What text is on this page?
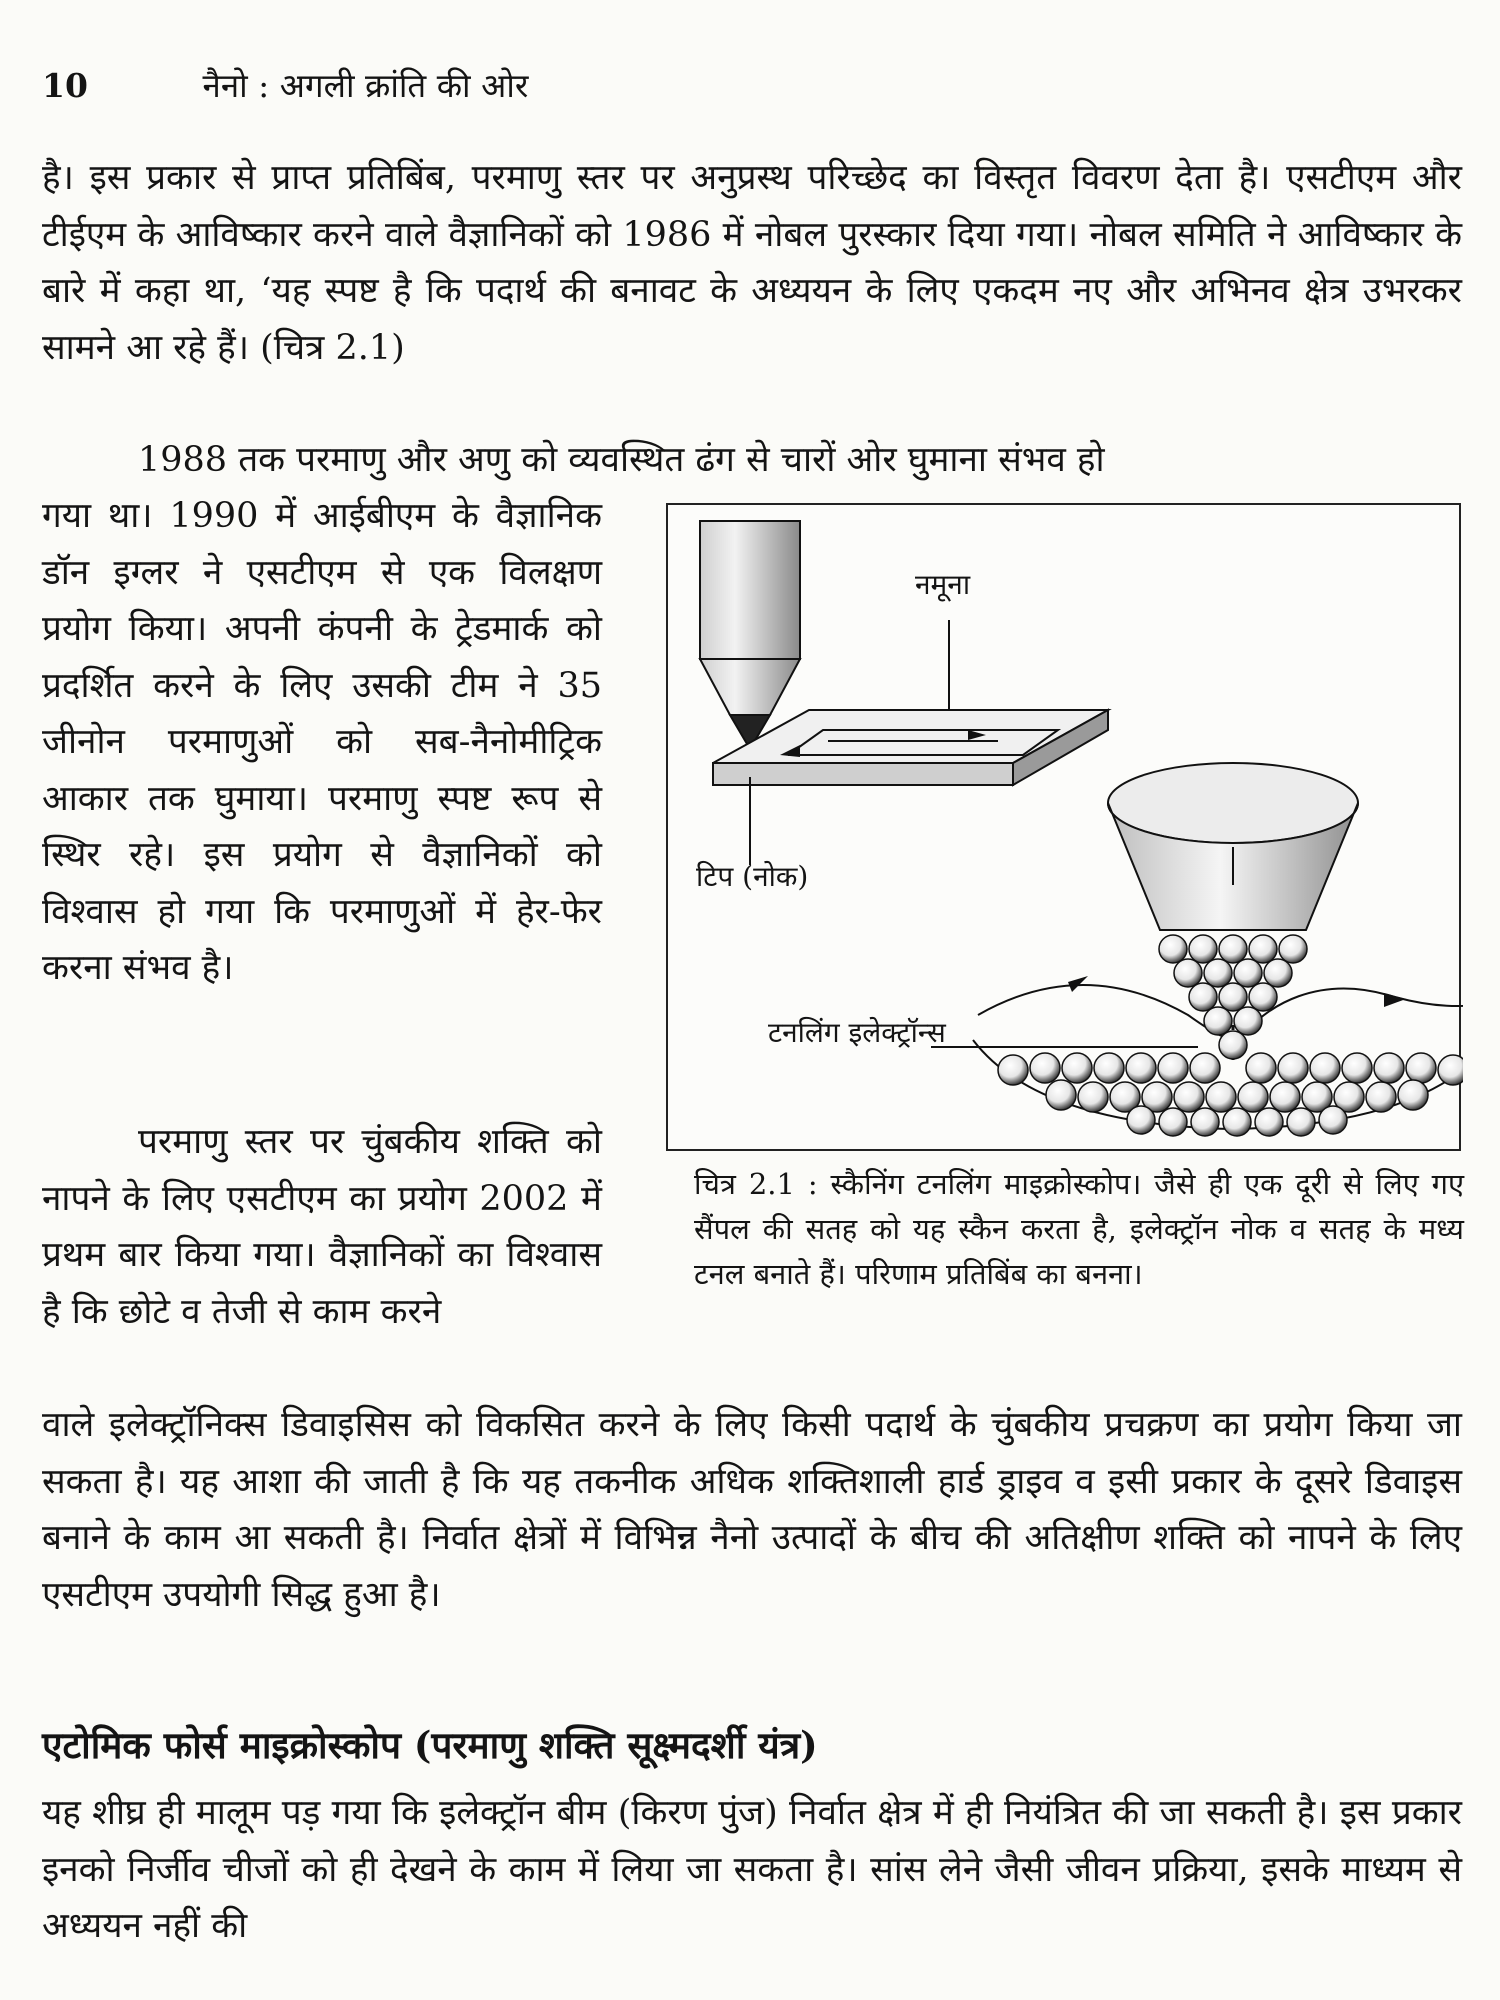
10	नैनो : अगली क्रांति की ओर

है। इस प्रकार से प्राप्त प्रतिबिंब, परमाणु स्तर पर अनुप्रस्थ परिच्छेद का विस्तृत विवरण देता है। एसटीएम और टीईएम के आविष्कार करने वाले वैज्ञानिकों को 1986 में नोबल पुरस्कार दिया गया। नोबल समिति ने आविष्कार के बारे में कहा था, ‘यह स्पष्ट है कि पदार्थ की बनावट के अध्ययन के लिए एकदम नए और अभिनव क्षेत्र उभरकर सामने आ रहे हैं। (चित्र 2.1)

1988 तक परमाणु और अणु को व्यवस्थित ढंग से चारों ओर घुमाना संभव हो

गया था। 1990 में आईबीएम के वैज्ञानिक डॉन इग्लर ने एसटीएम से एक विलक्षण प्रयोग किया। अपनी कंपनी के ट्रेडमार्क को प्रदर्शित करने के लिए उसकी टीम ने 35 जीनोन परमाणुओं को सब-नैनोमीट्रिक आकार तक घुमाया। परमाणु स्पष्ट रूप से स्थिर रहे। इस प्रयोग से वैज्ञानिकों को विश्वास हो गया कि परमाणुओं में हेर-फेर करना संभव है।

परमाणु स्तर पर चुंबकीय शक्ति को नापने के लिए एसटीएम का प्रयोग 2002 में प्रथम बार किया गया। वैज्ञानिकों का विश्वास है कि छोटे व तेजी से काम करने

वाले इलेक्ट्रॉनिक्स डिवाइसिस को विकसित करने के लिए किसी पदार्थ के चुंबकीय प्रचक्रण का प्रयोग किया जा सकता है। यह आशा की जाती है कि यह तकनीक अधिक शक्तिशाली हार्ड ड्राइव व इसी प्रकार के दूसरे डिवाइस बनाने के काम आ सकती है। निर्वात क्षेत्रों में विभिन्न नैनो उत्पादों के बीच की अतिक्षीण शक्ति को नापने के लिए एसटीएम उपयोगी सिद्ध हुआ है।

नमूना
टिप (नोक)
टनलिंग इलेक्ट्रॉन्स

चित्र 2.1 : स्कैनिंग टनलिंग माइक्रोस्कोप। जैसे ही एक दूरी से लिए गए सैंपल की सतह को यह स्कैन करता है, इलेक्ट्रॉन नोक व सतह के मध्य टनल बनाते हैं। परिणाम प्रतिबिंब का बनना।

एटोमिक फोर्स माइक्रोस्कोप (परमाणु शक्ति सूक्ष्मदर्शी यंत्र)

यह शीघ्र ही मालूम पड़ गया कि इलेक्ट्रॉन बीम (किरण पुंज) निर्वात क्षेत्र में ही नियंत्रित की जा सकती है। इस प्रकार इनको निर्जीव चीजों को ही देखने के काम में लिया जा सकता है। सांस लेने जैसी जीवन प्रक्रिया, इसके माध्यम से अध्ययन नहीं की
